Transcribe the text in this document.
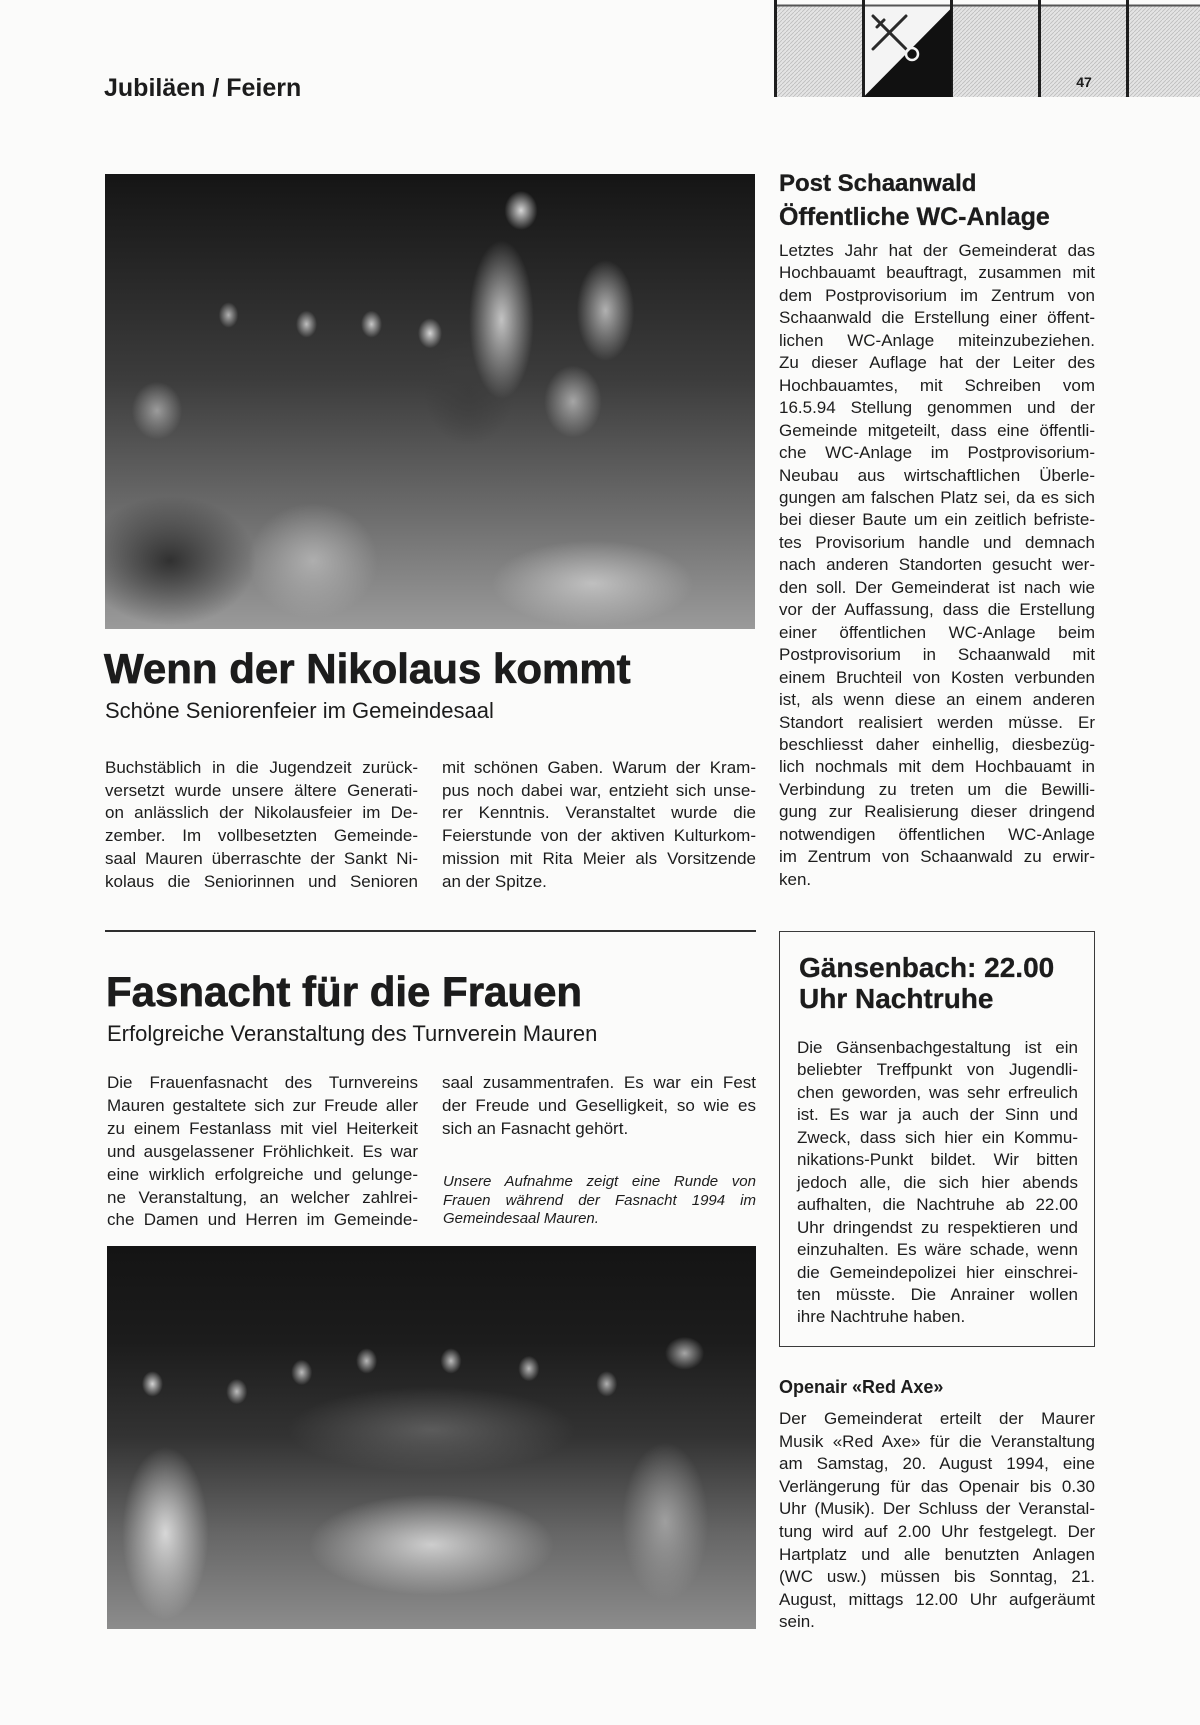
Jubiläen / Feiern	47
Wenn der Nikolaus kommt
Schöne Seniorenfeier im Gemeindesaal
Buchstäblich in die Jugendzeit zurück-
versetzt wurde unsere ältere Generati-
on anlässlich der Nikolausfeier im De-
zember. Im vollbesetzten Gemeinde-
saal Mauren überraschte der Sankt Ni-
kolaus die Seniorinnen und Senioren
mit schönen Gaben. Warum der Kram-
pus noch dabei war, entzieht sich unse-
rer Kenntnis. Veranstaltet wurde die
Feierstunde von der aktiven Kulturkom-
mission mit Rita Meier als Vorsitzende
an der Spitze.
Post Schaanwald
Öffentliche WC-Anlage
Letztes Jahr hat der Gemeinderat das
Hochbauamt beauftragt, zusammen mit
dem Postprovisorium im Zentrum von
Schaanwald die Erstellung einer öffent-
lichen WC-Anlage miteinzubeziehen.
Zu dieser Auflage hat der Leiter des
Hochbauamtes, mit Schreiben vom
16.5.94 Stellung genommen und der
Gemeinde mitgeteilt, dass eine öffentli-
che WC-Anlage im Postprovisorium-
Neubau aus wirtschaftlichen Überle-
gungen am falschen Platz sei, da es sich
bei dieser Baute um ein zeitlich befriste-
tes Provisorium handle und demnach
nach anderen Standorten gesucht wer-
den soll. Der Gemeinderat ist nach wie
vor der Auffassung, dass die Erstellung
einer öffentlichen WC-Anlage beim
Postprovisorium in Schaanwald mit
einem Bruchteil von Kosten verbunden
ist, als wenn diese an einem anderen
Standort realisiert werden müsse. Er
beschliesst daher einhellig, diesbezüg-
lich nochmals mit dem Hochbauamt in
Verbindung zu treten um die Bewilli-
gung zur Realisierung dieser dringend
notwendigen öffentlichen WC-Anlage
im Zentrum von Schaanwald zu erwir-
ken.
Fasnacht für die Frauen
Erfolgreiche Veranstaltung des Turnverein Mauren
Die Frauenfasnacht des Turnvereins
Mauren gestaltete sich zur Freude aller
zu einem Festanlass mit viel Heiterkeit
und ausgelassener Fröhlichkeit. Es war
eine wirklich erfolgreiche und gelunge-
ne Veranstaltung, an welcher zahlrei-
che Damen und Herren im Gemeinde-
saal zusammentrafen. Es war ein Fest
der Freude und Geselligkeit, so wie es
sich an Fasnacht gehört.
Unsere Aufnahme zeigt eine Runde von
Frauen während der Fasnacht 1994 im
Gemeindesaal Mauren.
Gänsenbach: 22.00
Uhr Nachtruhe
Die Gänsenbachgestaltung ist ein
beliebter Treffpunkt von Jugendli-
chen geworden, was sehr erfreulich
ist. Es war ja auch der Sinn und
Zweck, dass sich hier ein Kommu-
nikations-Punkt bildet. Wir bitten
jedoch alle, die sich hier abends
aufhalten, die Nachtruhe ab 22.00
Uhr dringendst zu respektieren und
einzuhalten. Es wäre schade, wenn
die Gemeindepolizei hier einschrei-
ten müsste. Die Anrainer wollen
ihre Nachtruhe haben.
Openair «Red Axe»
Der Gemeinderat erteilt der Maurer
Musik «Red Axe» für die Veranstaltung
am Samstag, 20. August 1994, eine
Verlängerung für das Openair bis 0.30
Uhr (Musik). Der Schluss der Veranstal-
tung wird auf 2.00 Uhr festgelegt. Der
Hartplatz und alle benutzten Anlagen
(WC usw.) müssen bis Sonntag, 21.
August, mittags 12.00 Uhr aufgeräumt
sein.
